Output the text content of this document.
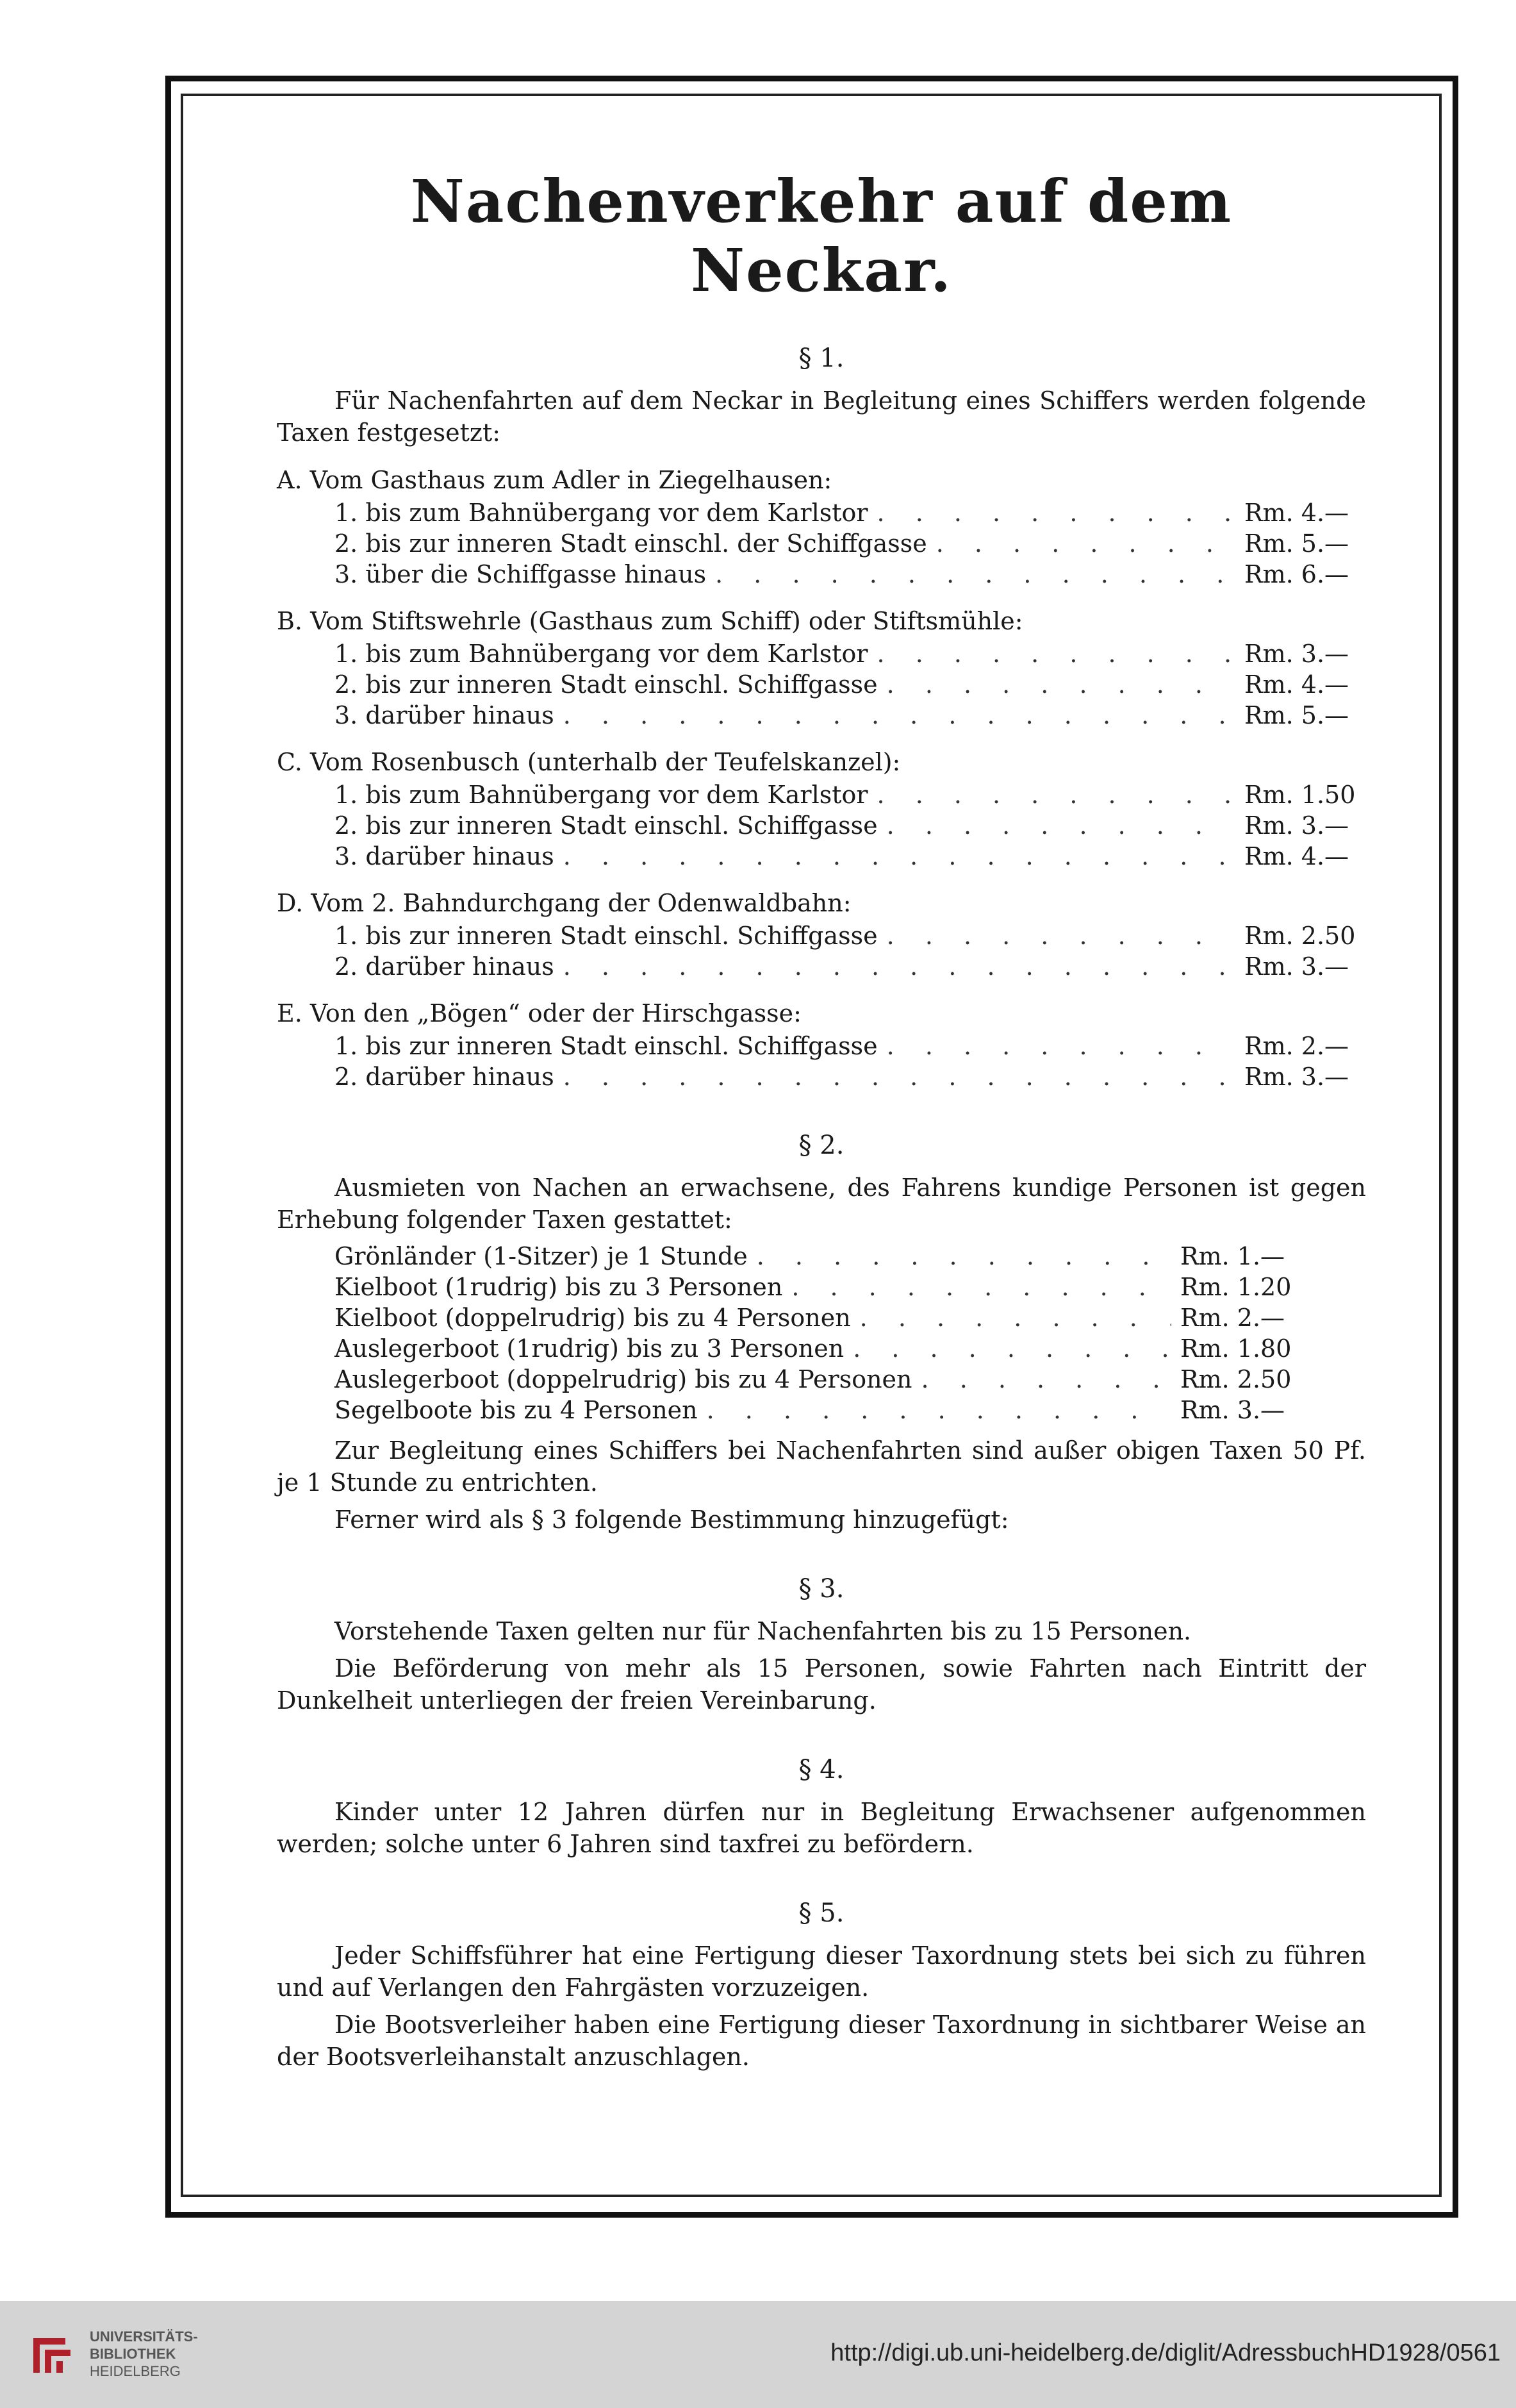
Nachenverkehr auf dem Neckar.
§ 1.

Für Nachenfahrten auf dem Neckar in Begleitung eines Schiffers werden folgende Taxen festgesetzt:

A. Vom Gasthaus zum Adler in Ziegelhausen:
1. bis zum Bahnübergang vor dem Karlstor . . .	Rm. 4.—
2. bis zur inneren Stadt einschl. der Schiffgasse . . .	Rm. 5.—
3. über die Schiffgasse hinaus . . .	Rm. 6.—
B. Vom Stiftswehrle (Gasthaus zum Schiff) oder Stiftsmühle:
1. bis zum Bahnübergang vor dem Karlstor . . .	Rm. 3.—
2. bis zur inneren Stadt einschl. Schiffgasse . . .	Rm. 4.—
3. darüber hinaus . . .	Rm. 5.—
C. Vom Rosenbusch (unterhalb der Teufelskanzel):
1. bis zum Bahnübergang vor dem Karlstor . . .	Rm. 1.50
2. bis zur inneren Stadt einschl. Schiffgasse . . .	Rm. 3.—
3. darüber hinaus . . .	Rm. 4.—
D. Vom 2. Bahndurchgang der Odenwaldbahn:
1. bis zur inneren Stadt einschl. Schiffgasse . . .	Rm. 2.50
2. darüber hinaus . . .	Rm. 3.—
E. Von den „Bögen“ oder der Hirschgasse:
1. bis zur inneren Stadt einschl. Schiffgasse . . .	Rm. 2.—
2. darüber hinaus . . .	Rm. 3.—
§ 2.

Ausmieten von Nachen an erwachsene, des Fahrens kundige Personen ist gegen Erhebung folgender Taxen gestattet:

Grönländer (1-Sitzer) je 1 Stunde . . .	Rm. 1.—
Kielboot (1rudrig) bis zu 3 Personen . . .	Rm. 1.20
Kielboot (doppelrudrig) bis zu 4 Personen . . .	Rm. 2.—
Auslegerboot (1rudrig) bis zu 3 Personen . . .	Rm. 1.80
Auslegerboot (doppelrudrig) bis zu 4 Personen . . .	Rm. 2.50
Segelboote bis zu 4 Personen . . .	Rm. 3.—

Zur Begleitung eines Schiffers bei Nachenfahrten sind außer obigen Taxen 50 Pf. je 1 Stunde zu entrichten.

Ferner wird als § 3 folgende Bestimmung hinzugefügt:

§ 3.

Vorstehende Taxen gelten nur für Nachenfahrten bis zu 15 Personen.

Die Beförderung von mehr als 15 Personen, sowie Fahrten nach Eintritt der Dunkelheit unterliegen der freien Vereinbarung.

§ 4.

Kinder unter 12 Jahren dürfen nur in Begleitung Erwachsener aufgenommen werden; solche unter 6 Jahren sind taxfrei zu befördern.

§ 5.

Jeder Schiffsführer hat eine Fertigung dieser Taxordnung stets bei sich zu führen und auf Verlangen den Fahrgästen vorzuzeigen.

Die Bootsverleiher haben eine Fertigung dieser Taxordnung in sichtbarer Weise an der Bootsverleihanstalt anzuschlagen.

UNIVERSITÄTS-
BIBLIOTHEK
HEIDELBERG
http://digi.ub.uni-heidelberg.de/diglit/AdressbuchHD1928/0561
